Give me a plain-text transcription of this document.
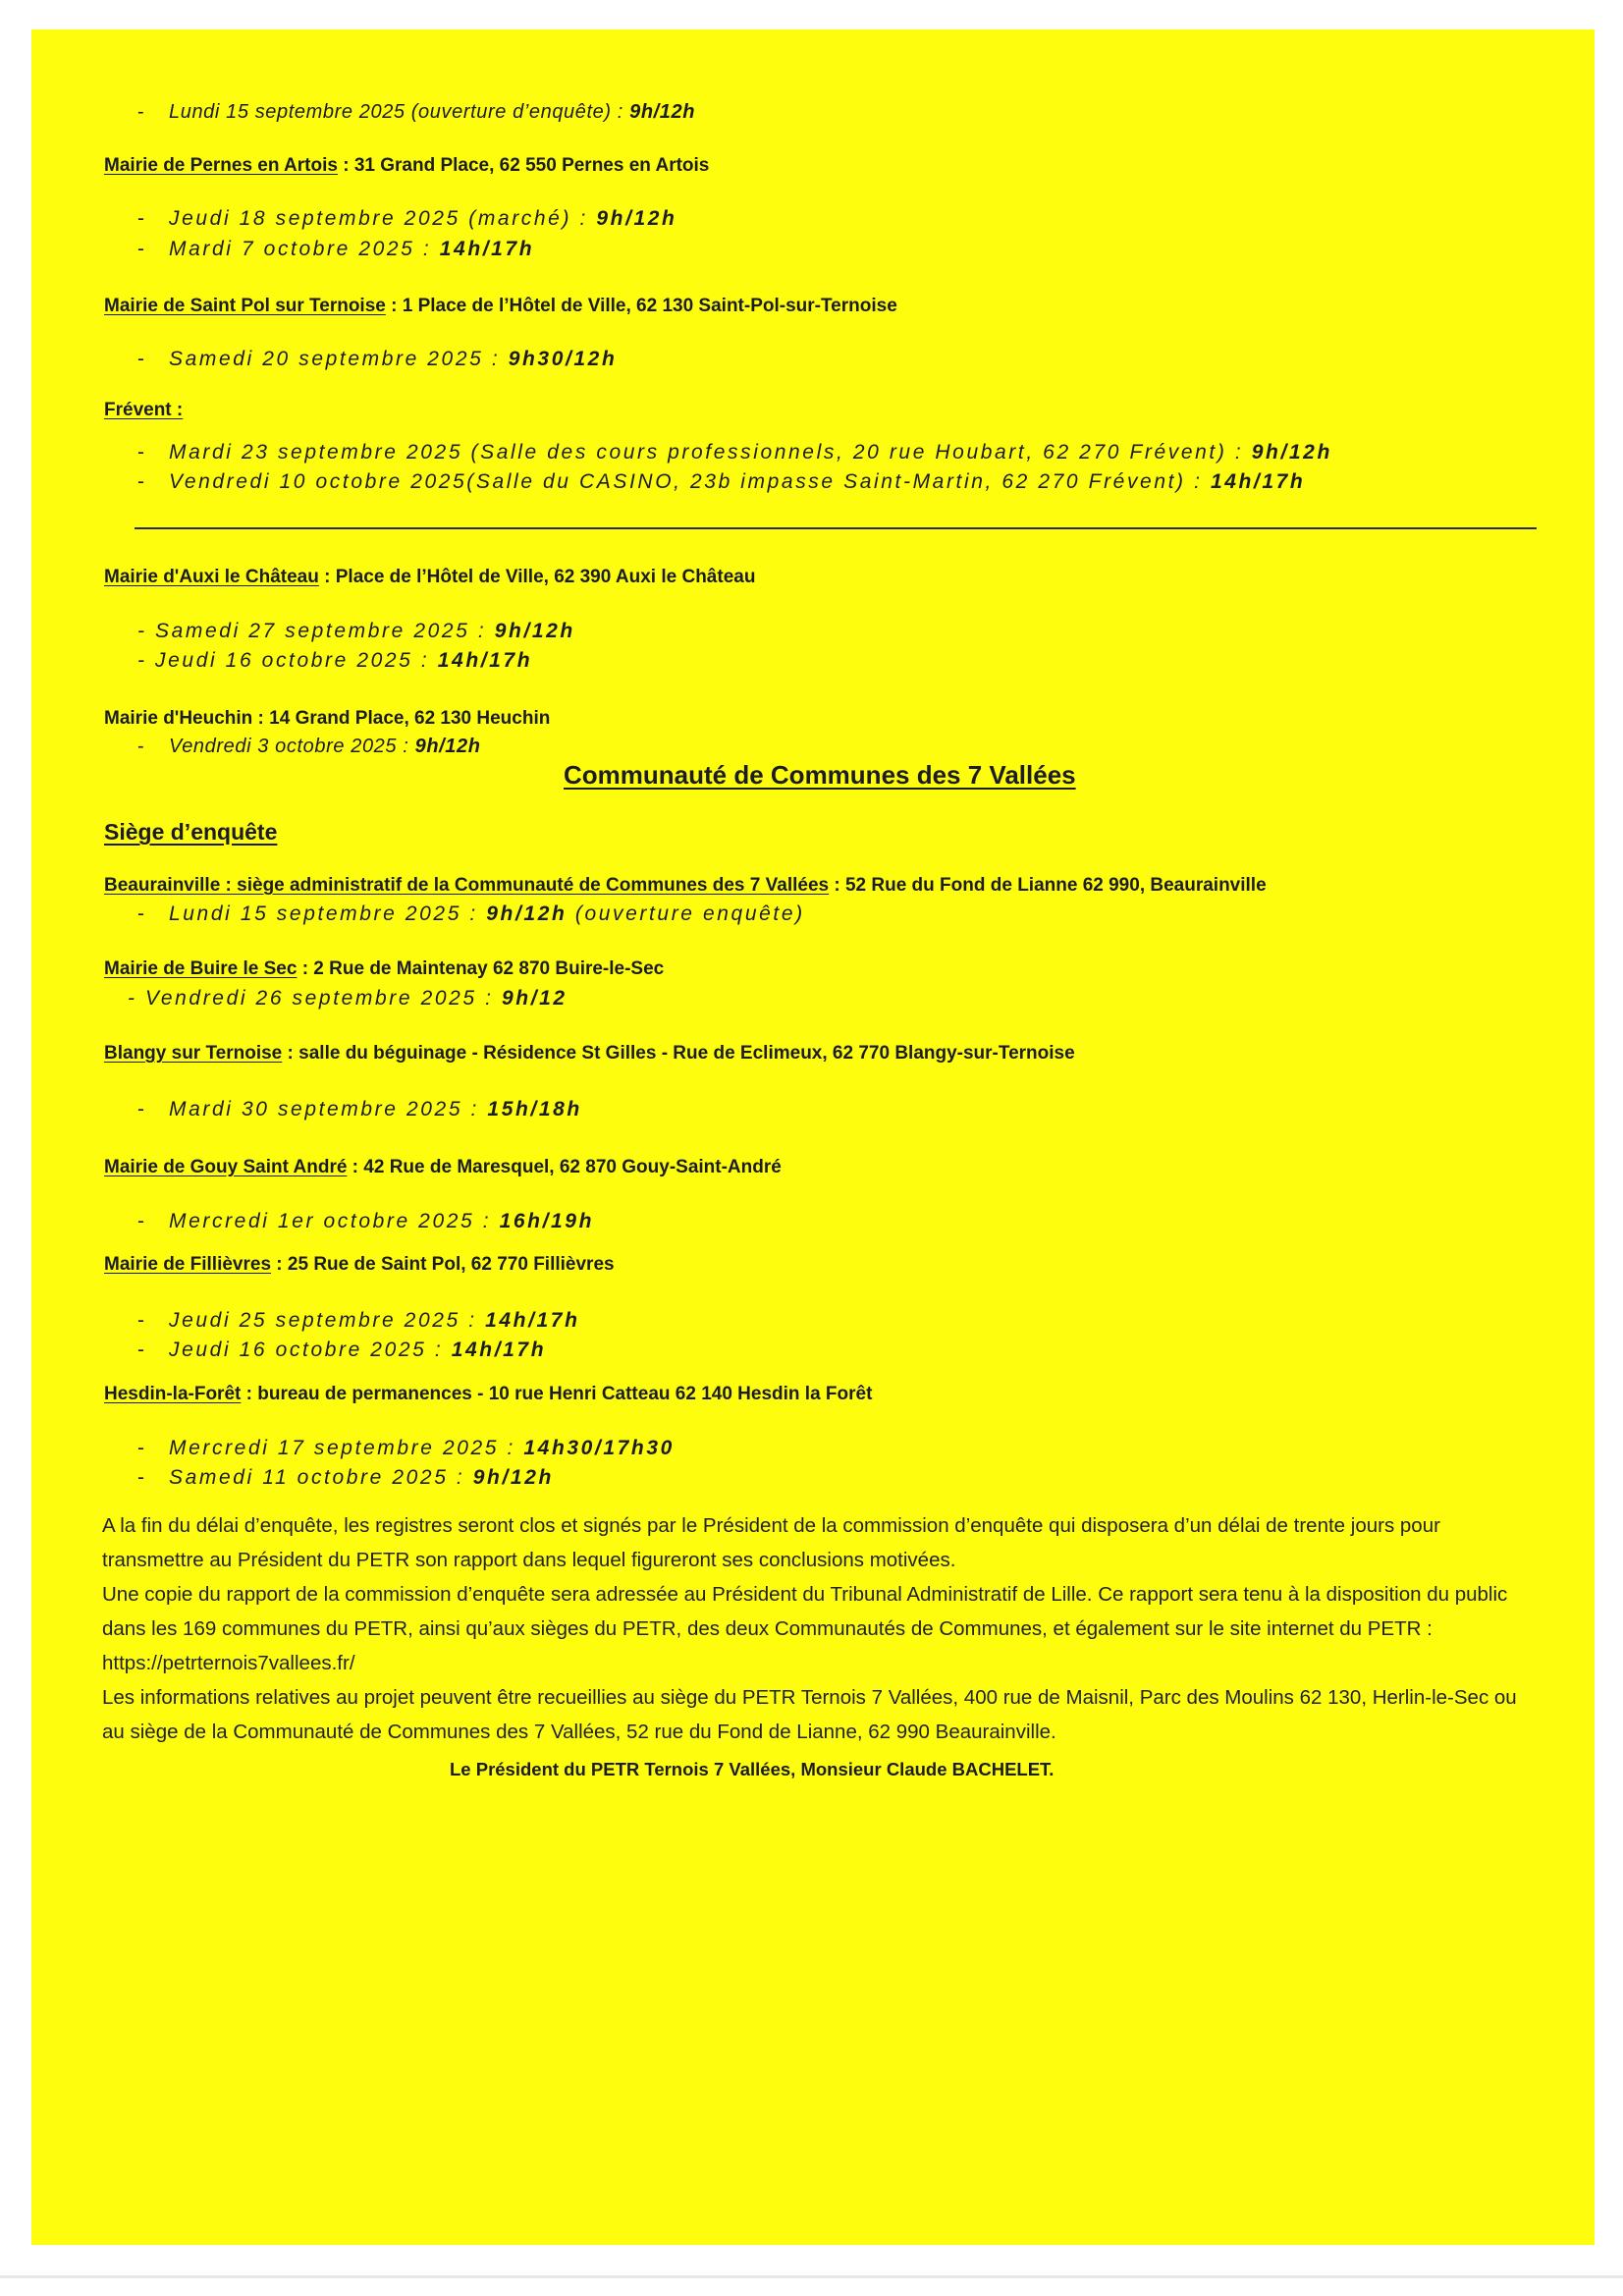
- Lundi 15 septembre 2025 (ouverture d’enquête) : 9h/12h
Mairie de Pernes en Artois : 31 Grand Place, 62 550 Pernes en Artois
- Jeudi 18 septembre 2025 (marché) : 9h/12h
- Mardi 7 octobre 2025 : 14h/17h
Mairie de Saint Pol sur Ternoise : 1 Place de l’Hôtel de Ville, 62 130 Saint-Pol-sur-Ternoise
- Samedi 20 septembre 2025 : 9h30/12h
Frévent :
- Mardi 23 septembre 2025 (Salle des cours professionnels, 20 rue Houbart, 62 270 Frévent) : 9h/12h
- Vendredi 10 octobre 2025(Salle du CASINO, 23b impasse Saint-Martin, 62 270 Frévent) : 14h/17h
Mairie d'Auxi le Château : Place de l’Hôtel de Ville, 62 390 Auxi le Château
- Samedi 27 septembre 2025 : 9h/12h
- Jeudi 16 octobre 2025 : 14h/17h
Mairie d'Heuchin : 14 Grand Place, 62 130 Heuchin
- Vendredi 3 octobre 2025 : 9h/12h
Communauté de Communes des 7 Vallées
Siège d’enquête
Beaurainville : siège administratif de la Communauté de Communes des 7 Vallées : 52 Rue du Fond de Lianne 62 990, Beaurainville
- Lundi 15 septembre 2025 : 9h/12h (ouverture enquête)
Mairie de Buire le Sec : 2 Rue de Maintenay 62 870 Buire-le-Sec
- Vendredi 26 septembre 2025 : 9h/12
Blangy sur Ternoise : salle du béguinage - Résidence St Gilles - Rue de Eclimeux, 62 770 Blangy-sur-Ternoise
- Mardi 30 septembre 2025 : 15h/18h
Mairie de Gouy Saint André : 42 Rue de Maresquel, 62 870 Gouy-Saint-André
- Mercredi 1er octobre 2025 : 16h/19h
Mairie de Fillièvres : 25 Rue de Saint Pol, 62 770 Fillièvres
- Jeudi 25 septembre 2025 : 14h/17h
- Jeudi 16 octobre 2025 : 14h/17h
Hesdin-la-Forêt : bureau de permanences - 10 rue Henri Catteau 62 140 Hesdin la Forêt
- Mercredi 17 septembre 2025 : 14h30/17h30
- Samedi 11 octobre 2025 : 9h/12h

A la fin du délai d’enquête, les registres seront clos et signés par le Président de la commission d’enquête qui disposera d’un délai de trente jours pour transmettre au Président du PETR son rapport dans lequel figureront ses conclusions motivées.

Une copie du rapport de la commission d’enquête sera adressée au Président du Tribunal Administratif de Lille. Ce rapport sera tenu à la disposition du public dans les 169 communes du PETR, ainsi qu’aux sièges du PETR, des deux Communautés de Communes, et également sur le site internet du PETR : https://petrternois7vallees.fr/

Les informations relatives au projet peuvent être recueillies au siège du PETR Ternois 7 Vallées, 400 rue de Maisnil, Parc des Moulins 62 130, Herlin-le-Sec ou au siège de la Communauté de Communes des 7 Vallées, 52 rue du Fond de Lianne, 62 990 Beaurainville.

Le Président du PETR Ternois 7 Vallées, Monsieur Claude BACHELET.
